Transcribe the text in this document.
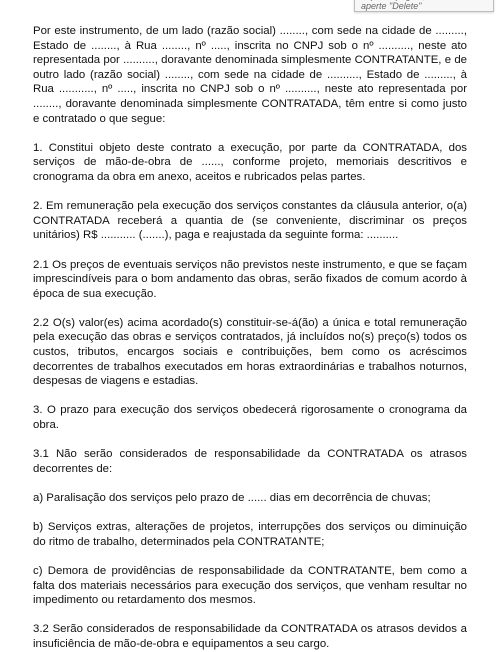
aperte "Delete"

Por este instrumento, de um lado (razão social) ........, com sede na cidade de ........., Estado de ........, à Rua ........, nº ....., inscrita no CNPJ sob o nº .........., neste ato representada por .........., doravante denominada simplesmente CONTRATANTE, e de outro lado (razão social) ........, com sede na cidade de .........., Estado de ........., à Rua ..........., nº ....., inscrita no CNPJ sob o nº .........., neste ato representada por ........, doravante denominada simplesmente CONTRATADA, têm entre si como justo e contratado o que segue:

1. Constitui objeto deste contrato a execução, por parte da CONTRATADA, dos serviços de mão-de-obra de ......, conforme projeto, memoriais descritivos e cronograma da obra em anexo, aceitos e rubricados pelas partes.

2. Em remuneração pela execução dos serviços constantes da cláusula anterior, o(a) CONTRATADA receberá a quantia de (se conveniente, discriminar os preços unitários) R$ ........... (.......), paga e reajustada da seguinte forma: ..........

2.1 Os preços de eventuais serviços não previstos neste instrumento, e que se façam imprescindíveis para o bom andamento das obras, serão fixados de comum acordo à época de sua execução.

2.2 O(s) valor(es) acima acordado(s) constituir-se-á(ão) a única e total remuneração pela execução das obras e serviços contratados, já incluídos no(s) preço(s) todos os custos, tributos, encargos sociais e contribuições, bem como os acréscimos decorrentes de trabalhos executados em horas extraordinárias e trabalhos noturnos, despesas de viagens e estadias.

3. O prazo para execução dos serviços obedecerá rigorosamente o cronograma da obra.

3.1 Não serão considerados de responsabilidade da CONTRATADA os atrasos decorrentes de:

a) Paralisação dos serviços pelo prazo de ...... dias em decorrência de chuvas;

b) Serviços extras, alterações de projetos, interrupções dos serviços ou diminuição do ritmo de trabalho, determinados pela CONTRATANTE;

c) Demora de providências de responsabilidade da CONTRATANTE, bem como a falta dos materiais necessários para execução dos serviços, que venham resultar no impedimento ou retardamento dos mesmos.

3.2 Serão considerados de responsabilidade da CONTRATADA os atrasos devidos a insuficiência de mão-de-obra e equipamentos a seu cargo.
